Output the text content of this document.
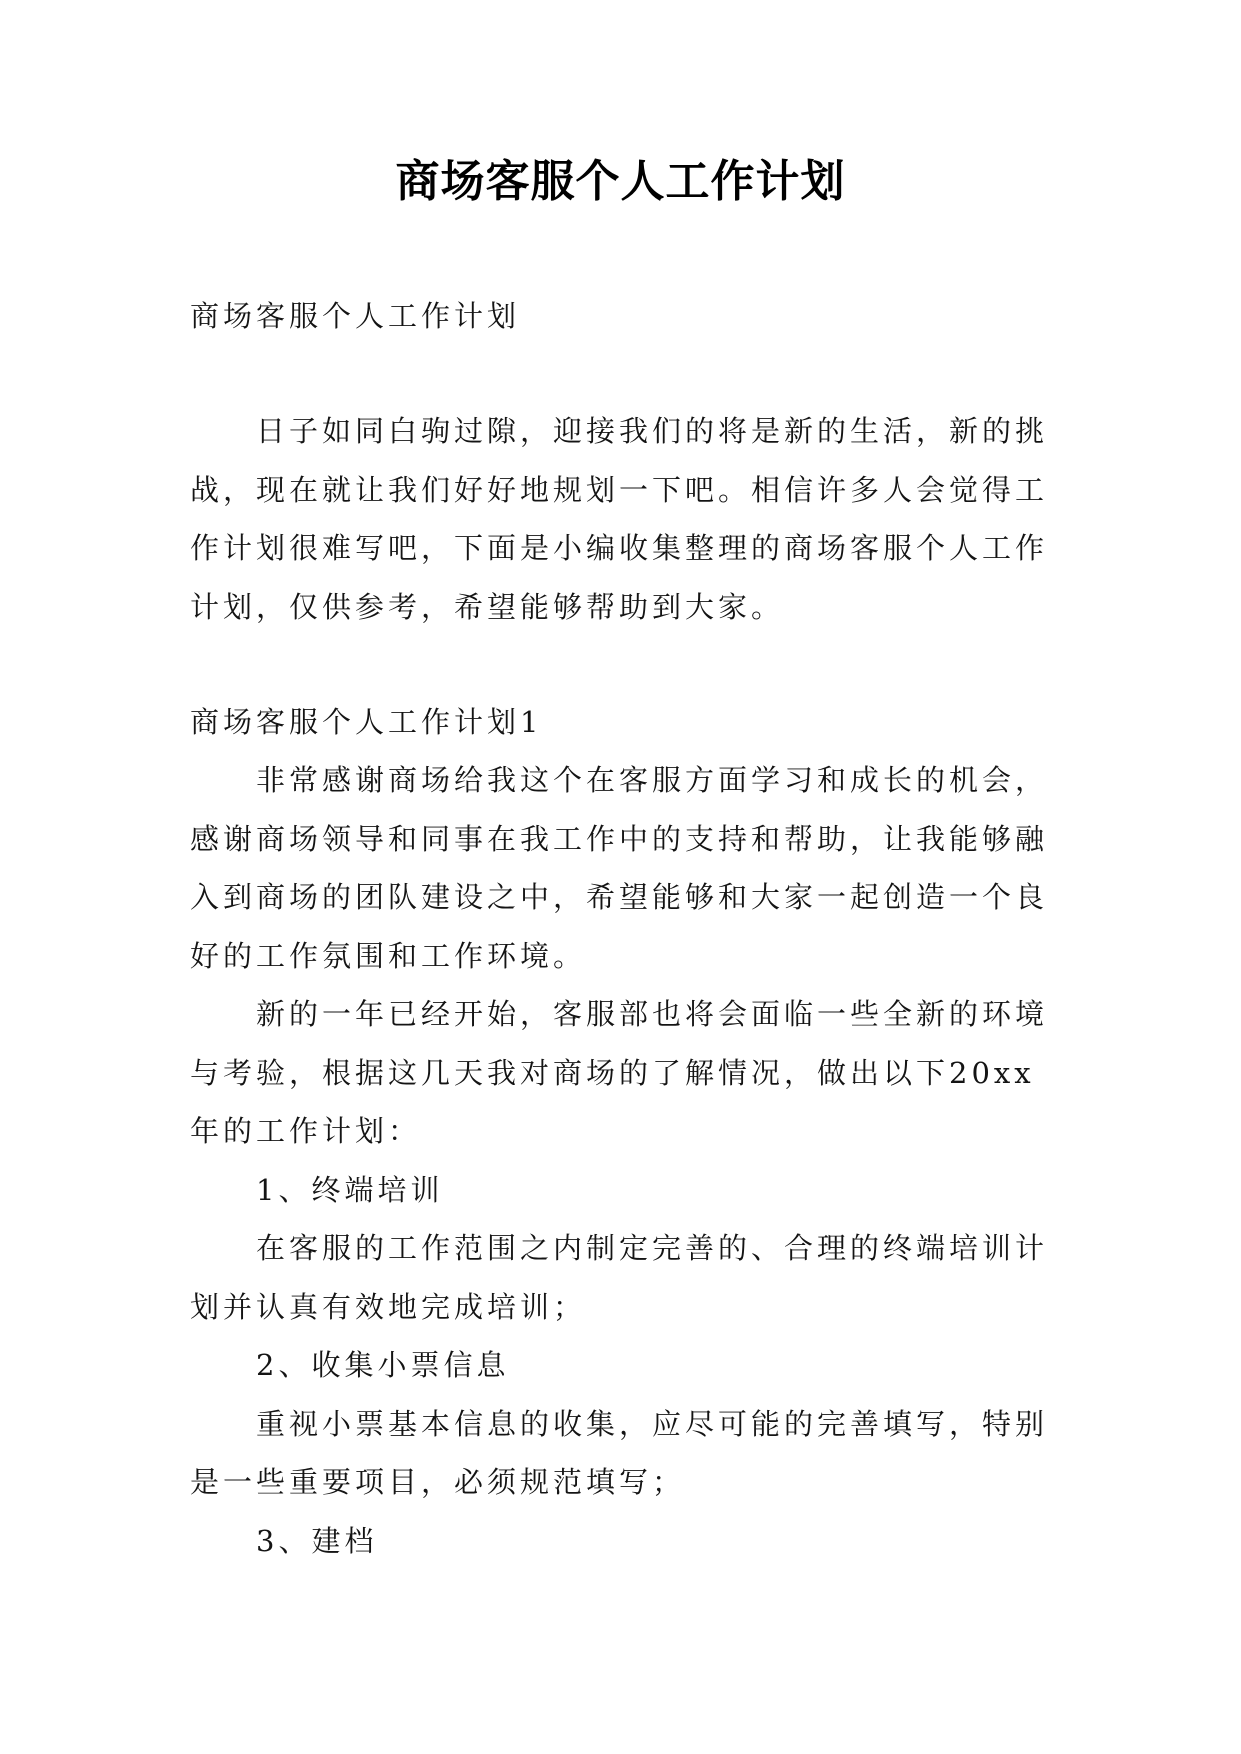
商场客服个人工作计划
商场客服个人工作计划
日子如同白驹过隙，迎接我们的将是新的生活，新的挑
战，现在就让我们好好地规划一下吧。相信许多人会觉得工
作计划很难写吧，下面是小编收集整理的商场客服个人工作
计划，仅供参考，希望能够帮助到大家。
商场客服个人工作计划1
非常感谢商场给我这个在客服方面学习和成长的机会，
感谢商场领导和同事在我工作中的支持和帮助，让我能够融
入到商场的团队建设之中，希望能够和大家一起创造一个良
好的工作氛围和工作环境。
新的一年已经开始，客服部也将会面临一些全新的环境
与考验，根据这几天我对商场的了解情况，做出以下20xx
年的工作计划：
1、终端培训
在客服的工作范围之内制定完善的、合理的终端培训计
划并认真有效地完成培训；
2、收集小票信息
重视小票基本信息的收集，应尽可能的完善填写，特别
是一些重要项目，必须规范填写；
3、建档
